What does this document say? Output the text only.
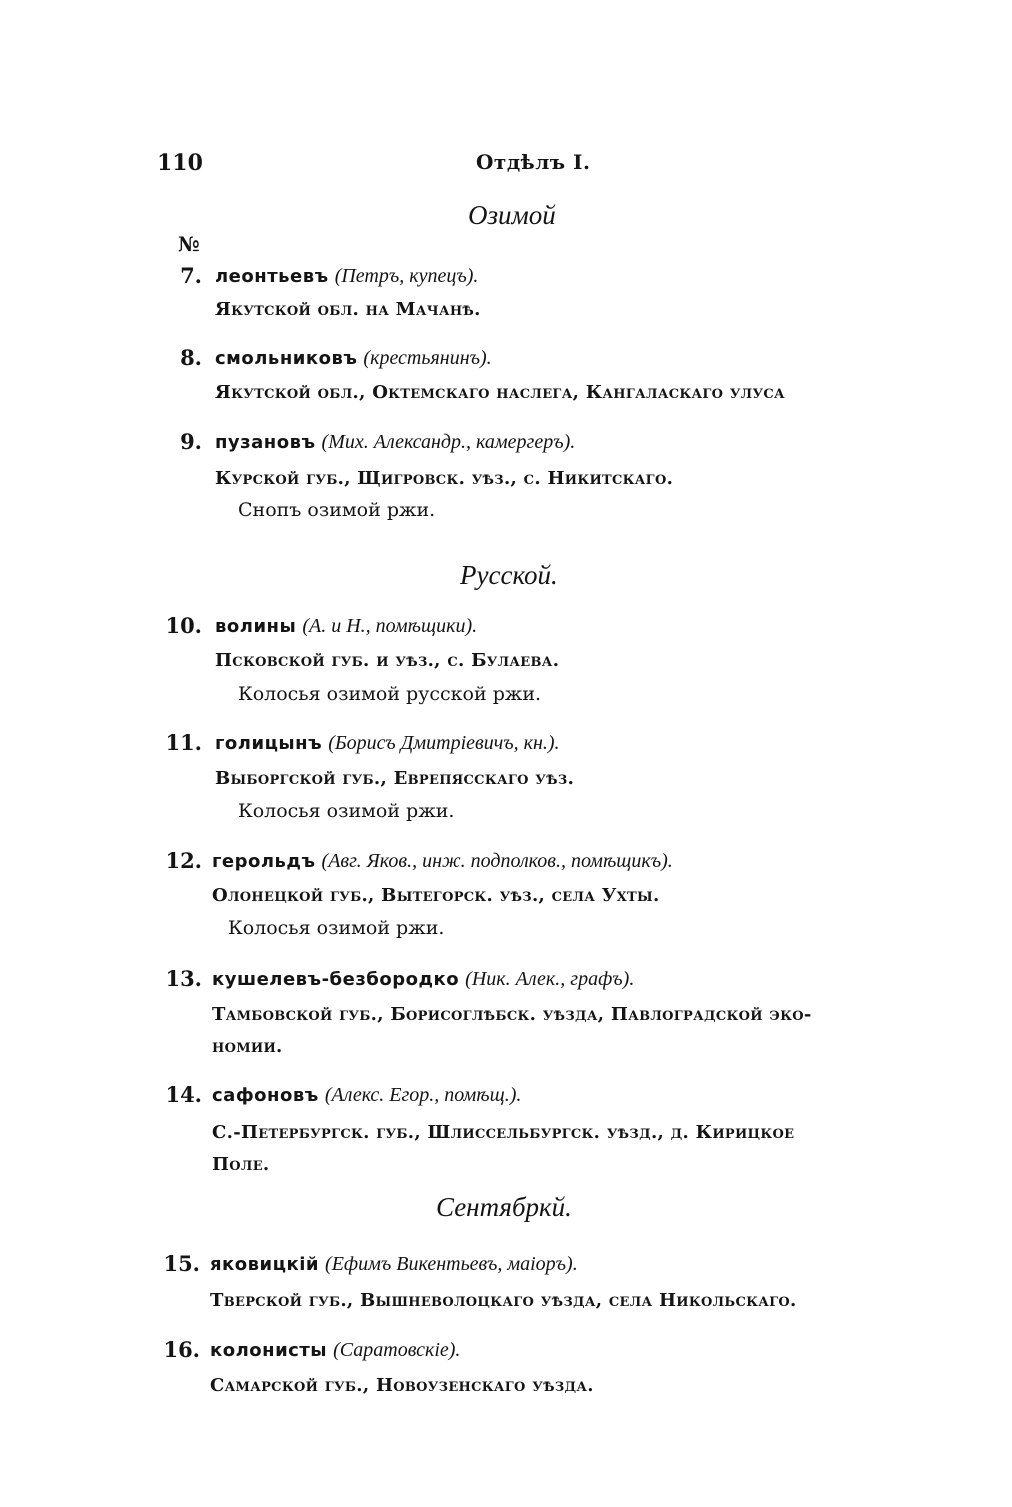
110	Отдѣлъ I.
Озимой
№
7. леонтьевъ (Петръ, купецъ).
Якутской обл. на Мачанѣ.
8. смольниковъ (крестьянинъ).
Якутской обл., Октемскаго наслега, Кангаласкаго улуса
9. пузановъ (Мих. Александр., камергеръ).
Курской губ., Щигровск. уѣз., с. Никитскаго.
Снопъ озимой ржи.
Русской.
10. волины (А. и Н., помѣщики).
Псковской губ. и уѣз., с. Булаева.
Колосья озимой русской ржи.
11. голицынъ (Борисъ Дмитріевичъ, кн.).
Выборгской губ., Еврепясскаго уѣз.
Колосья озимой ржи.
12. герольдъ (Авг. Яков., инж. подполков., помѣщикъ).
Олонецкой губ., Вытегорск. уѣз., села Ухты.
Колосья озимой ржи.
13. кушелевъ-безбородко (Ник. Алек., графъ).
Тамбовской губ., Борисоглѣбск. уѣзда, Павлоградской эко-
номии.
14. сафоновъ (Алекс. Егор., помѣщ.).
С.-Петербургск. губ., Шлиссельбургск. уѣзд., д. Кирицкое
Поле.
Сентябркй.
15. яковицкій (Ефимъ Викентьевъ, маіоръ).
Тверской губ., Вышневолоцкаго уѣзда, села Никольскаго.
16. колонисты (Саратовскіе).
Самарской губ., Новоузенскаго уѣзда.
